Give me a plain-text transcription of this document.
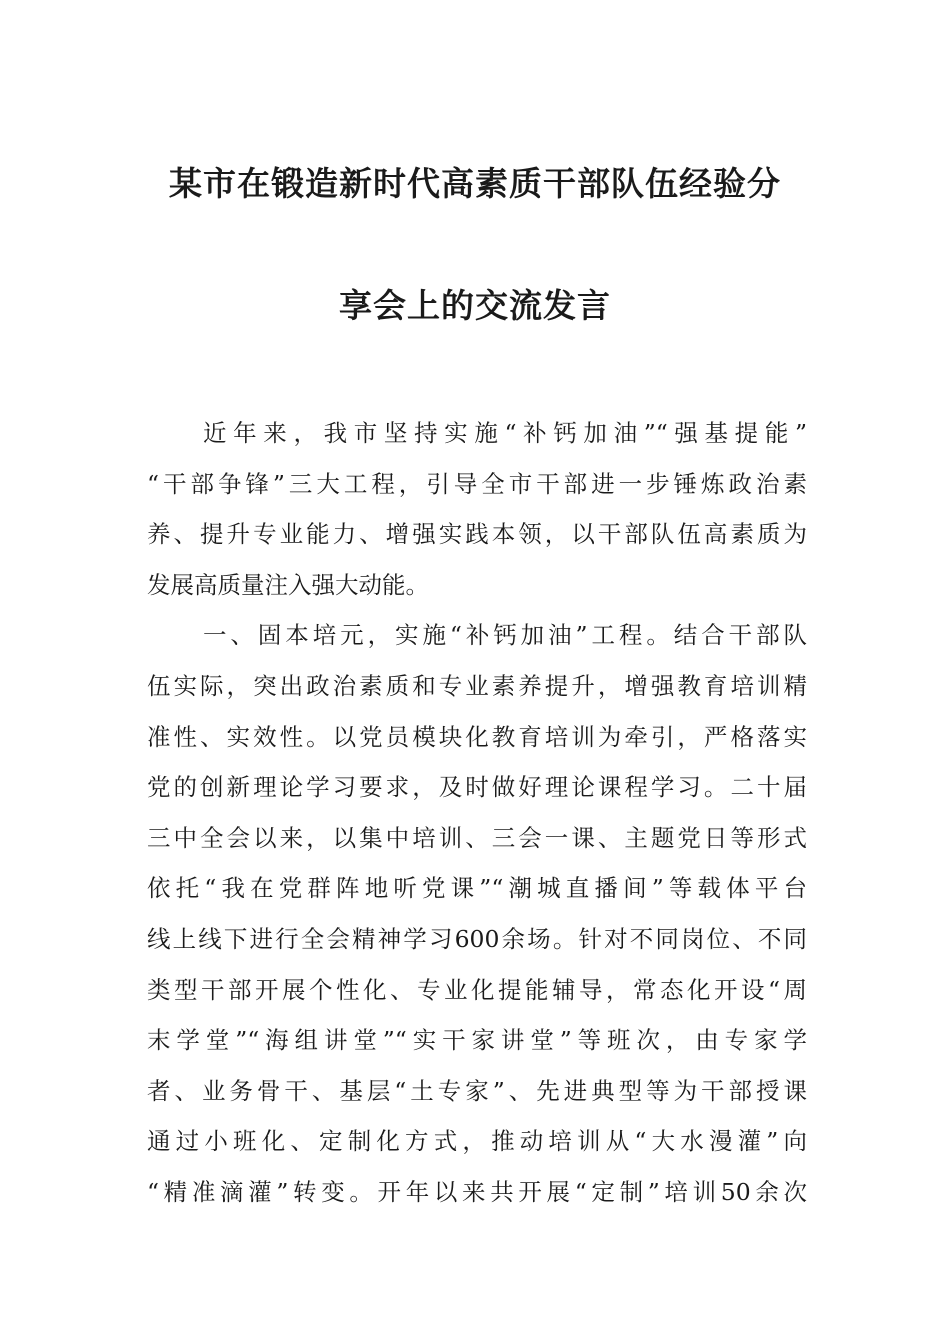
某市在锻造新时代高素质干部队伍经验分
享会上的交流发言
近年来，我市坚持实施“补钙加油”“强基提能”
“干部争锋”三大工程，引导全市干部进一步锤炼政治素
养、提升专业能力、增强实践本领，以干部队伍高素质为
发展高质量注入强大动能。
一、固本培元，实施“补钙加油”工程。结合干部队
伍实际，突出政治素质和专业素养提升，增强教育培训精
准性、实效性。以党员模块化教育培训为牵引，严格落实
党的创新理论学习要求，及时做好理论课程学习。二十届
三中全会以来，以集中培训、三会一课、主题党日等形式
依托“我在党群阵地听党课”“潮城直播间”等载体平台
线上线下进行全会精神学习600余场。针对不同岗位、不同
类型干部开展个性化、专业化提能辅导，常态化开设“周
末学堂”“海组讲堂”“实干家讲堂”等班次，由专家学
者、业务骨干、基层“土专家”、先进典型等为干部授课
通过小班化、定制化方式，推动培训从“大水漫灌”向
“精准滴灌”转变。开年以来共开展“定制”培训50余次
